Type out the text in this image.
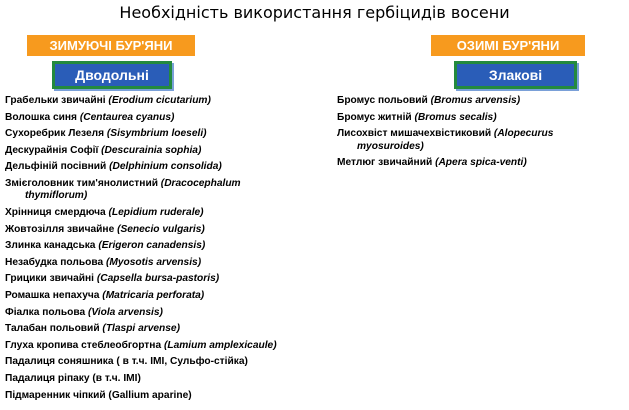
Необхідність використання гербіцидів восени
ЗИМУЮЧІ БУР'ЯНИ
Дводольні
ОЗИМІ БУР'ЯНИ
Злакові
Грабельки звичайні (Erodium cicutarium)
Волошка синя (Centaurea cyanus)
Сухоребрик Лезеля (Sisymbrium loeseli)
Дескурайнія Софії (Descurainia sophia)
Дельфіній посівний (Delphinium consolida)
Змієголовник тим'янолистний (Dracocephalum
thymiflorum)
Хрінниця смердюча (Lepidium ruderale)
Жовтозілля звичайне (Senecio vulgaris)
Злинка канадська (Erigeron canadensis)
Незабудка польова (Myosotis arvensis)
Грицики звичайні (Capsella bursa-pastoris)
Ромашка непахуча (Matricaria perforata)
Фіалка польова (Viola arvensis)
Талабан польовий (Tlaspi arvense)
Глуха кропива стеблеобгортна (Lamium amplexicaule)
Падалиця соняшника ( в т.ч. IMI, Сульфо-стійка)
Падалиця ріпаку (в т.ч. IMI)
Підмаренник чіпкий (Gallium aparine)
Бромус польовий (Bromus arvensis)
Бромус житній (Bromus secalis)
Лисохвіст мишачехвістиковий (Alopecurus
myosuroides)
Метлюг звичайний (Apera spica-venti)
